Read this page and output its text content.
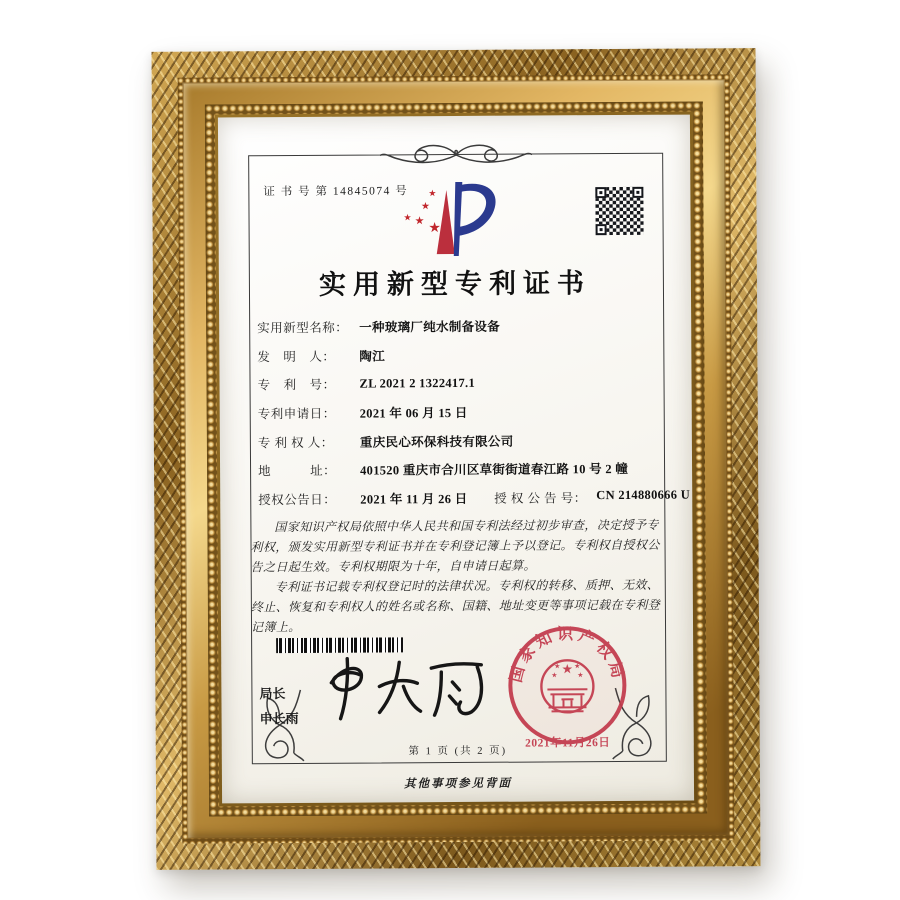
证 书 号 第 14845074 号
★
★
★
★
★
实用新型专利证书
实用新型名称： 一种玻璃厂纯水制备设备
发　明　人：	陶江
专　利　号：	ZL 2021 2 1322417.1
专利申请日：	2021 年 06 月 15 日
专 利 权 人：	重庆民心环保科技有限公司
地　　　址：	401520 重庆市合川区草街街道春江路 10 号 2 幢
授权公告日：	2021 年 11 月 26 日 授 权 公 告 号： CN 214880666 U

国家知识产权局依照中华人民共和国专利法经过初步审查，决定授予专利权，颁发实用新型专利证书并在专利登记簿上予以登记。专利权自授权公告之日起生效。专利权期限为十年，自申请日起算。

专利证书记载专利权登记时的法律状况。专利权的转移、质押、无效、终止、恢复和专利权人的姓名或名称、国籍、地址变更等事项记载在专利登记簿上。

局长
申长雨
国家知识产权局
★
★	★
★ ★
2021年11月26日
第 1 页 (共 2 页)
其他事项参见背面
